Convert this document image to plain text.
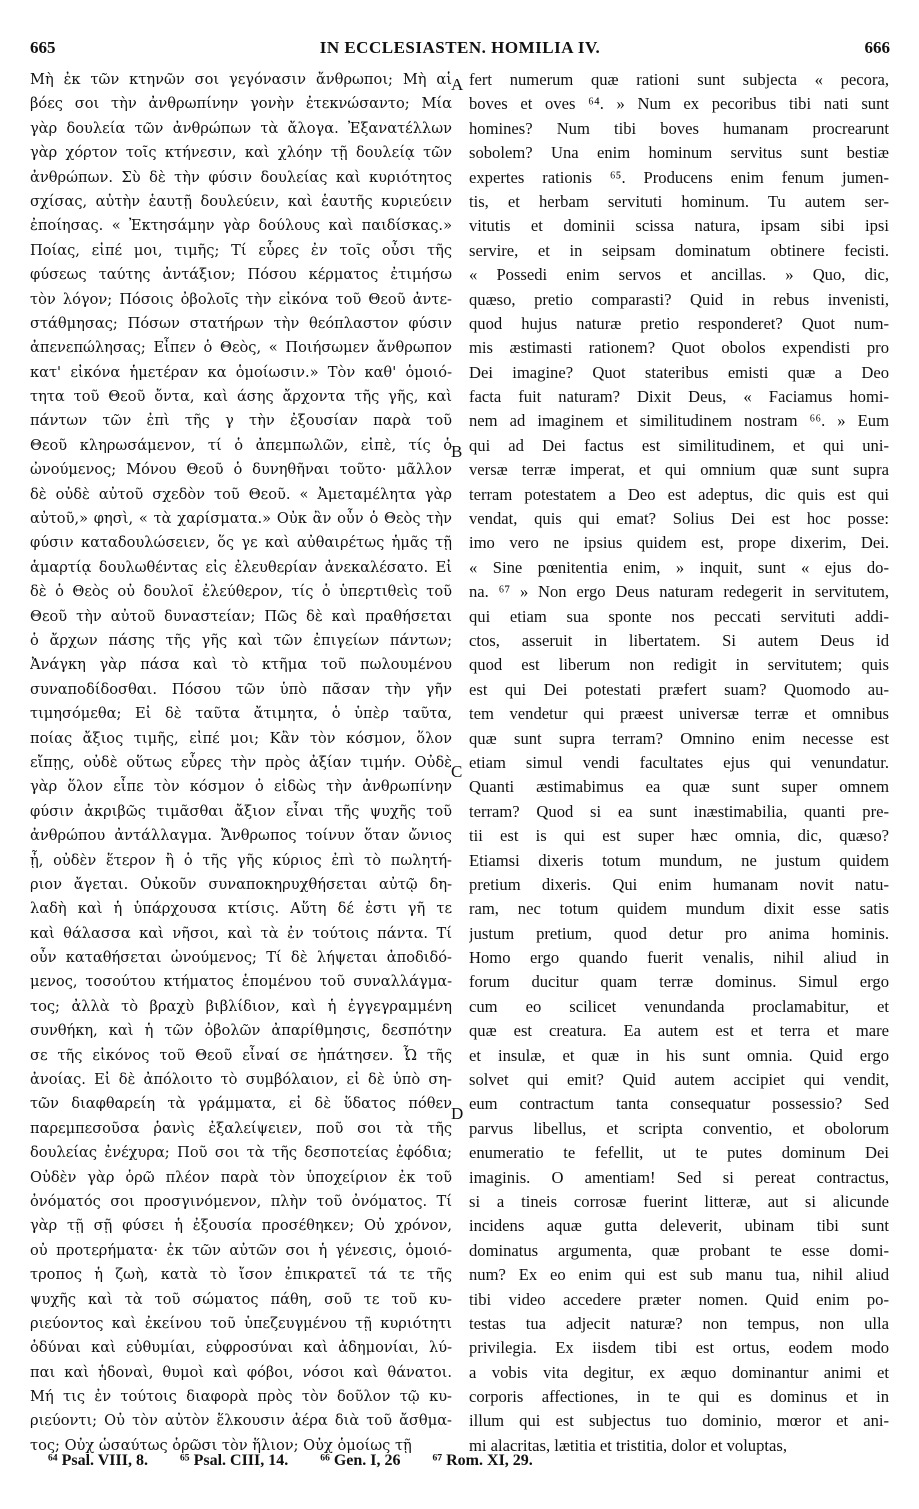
665	IN ECCLESIASTEN. HOMILIA IV.	666
Μὴ ἐκ τῶν κτηνῶν σοι γεγόνασιν ἄνθρωποι; Μὴ αἱ
βόες σοι τὴν ἀνθρωπίνην γονὴν ἐτεκνώσαντο; Μία
γὰρ δουλεία τῶν ἀνθρώπων τὰ ἄλογα. Ἐξανατέλλων
γὰρ χόρτον τοῖς κτήνεσιν, καὶ χλόην τῇ δουλείᾳ τῶν
ἀνθρώπων. Σὺ δὲ τὴν φύσιν δουλείας καὶ κυριότητος
σχίσας, αὐτὴν ἑαυτῇ δουλεύειν, καὶ ἑαυτῆς κυριεύειν
ἐποίησας. « Ἐκτησάμην γὰρ δούλους καὶ παιδίσκας.»
Ποίας, εἰπέ μοι, τιμῆς; Τί εὗρες ἐν τοῖς οὖσι τῆς
φύσεως ταύτης ἀντάξιον; Πόσου κέρματος ἐτιμήσω
τὸν λόγον; Πόσοις ὀβολοῖς τὴν εἰκόνα τοῦ Θεοῦ ἀντε-
στάθμησας; Πόσων στατήρων τὴν θεόπλαστον φύσιν
ἀπενεπώλησας; Εἶπεν ὁ Θεὸς, « Ποιήσωμεν ἄνθρωπον
κατ' εἰκόνα ἡμετέραν κα ὁμοίωσιν.» Τὸν καθ' ὁμοιό-
τητα τοῦ Θεοῦ ὄντα, καὶ άσης ἄρχοντα τῆς γῆς, καὶ
πάντων τῶν ἐπὶ τῆς γ τὴν ἐξουσίαν παρὰ τοῦ
Θεοῦ κληρωσάμενον, τί ὁ ἀπεμπωλῶν, εἰπὲ, τίς ὁ
ὠνούμενος; Μόνου Θεοῦ ὁ δυνηθῆναι τοῦτο· μᾶλλον
δὲ οὐδὲ αὐτοῦ σχεδὸν τοῦ Θεοῦ. « Ἀμεταμέλητα γὰρ
αὐτοῦ,» φησὶ, « τὰ χαρίσματα.» Οὐκ ἂν οὖν ὁ Θεὸς τὴν
φύσιν καταδουλώσειεν, ὅς γε καὶ αὐθαιρέτως ἡμᾶς τῇ
ἁμαρτίᾳ δουλωθέντας εἰς ἐλευθερίαν ἀνεκαλέσατο. Εἰ
δὲ ὁ Θεὸς οὐ δουλοῖ ἐλεύθερον, τίς ὁ ὑπερτιθεὶς τοῦ
Θεοῦ τὴν αὐτοῦ δυναστείαν; Πῶς δὲ καὶ πραθήσεται
ὁ ἄρχων πάσης τῆς γῆς καὶ τῶν ἐπιγείων πάντων;
Ἀνάγκη γὰρ πάσα καὶ τὸ κτῆμα τοῦ πωλουμένου
συναποδίδοσθαι. Πόσου τῶν ὑπὸ πᾶσαν τὴν γῆν
τιμησόμεθα; Εἰ δὲ ταῦτα ἄτιμητα, ὁ ὑπὲρ ταῦτα,
ποίας ἄξιος τιμῆς, εἰπέ μοι; Κἂν τὸν κόσμον, ὅλον
εἴπῃς, οὐδὲ οὕτως εὗρες τὴν πρὸς ἀξίαν τιμήν. Οὐδὲ
γὰρ ὅλον εἶπε τὸν κόσμον ὁ εἰδὼς τὴν ἀνθρωπίνην
φύσιν ἀκριβῶς τιμᾶσθαι ἄξιον εἶναι τῆς ψυχῆς τοῦ
ἀνθρώπου ἀντάλλαγμα. Ἄνθρωπος τοίνυν ὅταν ὤνιος
ᾖ, οὐδὲν ἕτερον ἢ ὁ τῆς γῆς κύριος ἐπὶ τὸ πωλητή-
ριον ἄγεται. Οὐκοῦν συναποκηρυχθήσεται αὐτῷ δη-
λαδὴ καὶ ἡ ὑπάρχουσα κτίσις. Αὕτη δέ ἐστι γῆ τε
καὶ θάλασσα καὶ νῆσοι, καὶ τὰ ἐν τούτοις πάντα. Τί
οὖν καταθήσεται ὠνούμενος; Τί δὲ λήψεται ἀποδιδό-
μενος, τοσούτου κτήματος ἑπομένου τοῦ συναλλάγμα-
τος; ἀλλὰ τὸ βραχὺ βιβλίδιον, καὶ ἡ ἐγγεγραμμένη
συνθήκη, καὶ ἡ τῶν ὀβολῶν ἀπαρίθμησις, δεσπότην
σε τῆς εἰκόνος τοῦ Θεοῦ εἶναί σε ἠπάτησεν. Ὦ τῆς
ἀνοίας. Εἰ δὲ ἀπόλοιτο τὸ συμβόλαιον, εἰ δὲ ὑπὸ ση-
τῶν διαφθαρείη τὰ γράμματα, εἰ δὲ ὕδατος πόθεν
παρεμπεσοῦσα ῥανὶς ἐξαλείψειεν, ποῦ σοι τὰ τῆς
δουλείας ἐνέχυρα; Ποῦ σοι τὰ τῆς δεσποτείας ἐφόδια;
Οὐδὲν γὰρ ὁρῶ πλέον παρὰ τὸν ὑποχείριον ἐκ τοῦ
ὀνόματός σοι προσγινόμενον, πλὴν τοῦ ὀνόματος. Τί
γὰρ τῇ σῇ φύσει ἡ ἐξουσία προσέθηκεν; Οὐ χρόνον,
οὐ προτερήματα· ἐκ τῶν αὐτῶν σοι ἡ γένεσις, ὁμοιό-
τροπος ἡ ζωὴ, κατὰ τὸ ἴσον ἐπικρατεῖ τά τε τῆς
ψυχῆς καὶ τὰ τοῦ σώματος πάθη, σοῦ τε τοῦ κυ-
ριεύοντος καὶ ἐκείνου τοῦ ὑπεζευγμένου τῇ κυριότητι
ὀδύναι καὶ εὐθυμίαι, εὐφροσύναι καὶ ἀδημονίαι, λύ-
παι καὶ ἡδοναὶ, θυμοὶ καὶ φόβοι, νόσοι καὶ θάνατοι.
Μή τις ἐν τούτοις διαφορὰ πρὸς τὸν δοῦλον τῷ κυ-
ριεύοντι; Οὐ τὸν αὐτὸν ἕλκουσιν ἀέρα διὰ τοῦ ἄσθμα-
τος; Οὐχ ὡσαύτως ὁρῶσι τὸν ἥλιον; Οὐχ ὁμοίως τῇ
fert numerum quæ rationi sunt subjecta « pecora,
boves et oves ⁶⁴. » Num ex pecoribus tibi nati sunt
homines? Num tibi boves humanam procrearunt
sobolem? Una enim hominum servitus sunt bestiæ
expertes rationis ⁶⁵. Producens enim fenum jumen-
tis, et herbam servituti hominum. Tu autem ser-
vitutis et dominii scissa natura, ipsam sibi ipsi
servire, et in seipsam dominatum obtinere fecisti.
« Possedi enim servos et ancillas. » Quo, dic,
quæso, pretio comparasti? Quid in rebus invenisti,
quod hujus naturæ pretio responderet? Quot num-
mis æstimasti rationem? Quot obolos expendisti pro
Dei imagine? Quot stateribus emisti quæ a Deo
facta fuit naturam? Dixit Deus, « Faciamus homi-
nem ad imaginem et similitudinem nostram ⁶⁶. » Eum
qui ad Dei factus est similitudinem, et qui uni-
versæ terræ imperat, et qui omnium quæ sunt supra
terram potestatem a Deo est adeptus, dic quis est qui
vendat, quis qui emat? Solius Dei est hoc posse:
imo vero ne ipsius quidem est, prope dixerim, Dei.
« Sine pœnitentia enim, » inquit, sunt « ejus do-
na. ⁶⁷ » Non ergo Deus naturam redegerit in servitutem,
qui etiam sua sponte nos peccati servituti addi-
ctos, asseruit in libertatem. Si autem Deus id
quod est liberum non redigit in servitutem; quis
est qui Dei potestati præfert suam? Quomodo au-
tem vendetur qui præest universæ terræ et omnibus
quæ sunt supra terram? Omnino enim necesse est
etiam simul vendi facultates ejus qui venundatur.
Quanti æstimabimus ea quæ sunt super omnem
terram? Quod si ea sunt inæstimabilia, quanti pre-
tii est is qui est super hæc omnia, dic, quæso?
Etiamsi dixeris totum mundum, ne justum quidem
pretium dixeris. Qui enim humanam novit natu-
ram, nec totum quidem mundum dixit esse satis
justum pretium, quod detur pro anima hominis.
Homo ergo quando fuerit venalis, nihil aliud in
forum ducitur quam terræ dominus. Simul ergo
cum eo scilicet venundanda proclamabitur, et
quæ est creatura. Ea autem est et terra et mare
et insulæ, et quæ in his sunt omnia. Quid ergo
solvet qui emit? Quid autem accipiet qui vendit,
eum contractum tanta consequatur possessio? Sed
parvus libellus, et scripta conventio, et obolorum
enumeratio te fefellit, ut te putes dominum Dei
imaginis. O amentiam! Sed si pereat contractus,
si a tineis corrosæ fuerint litteræ, aut si alicunde
incidens aquæ gutta deleverit, ubinam tibi sunt
dominatus argumenta, quæ probant te esse domi-
num? Ex eo enim qui est sub manu tua, nihil aliud
tibi video accedere præter nomen. Quid enim po-
testas tua adjecit naturæ? non tempus, non ulla
privilegia. Ex iisdem tibi est ortus, eodem modo
a vobis vita degitur, ex æquo dominantur animi et
corporis affectiones, in te qui es dominus et in
illum qui est subjectus tuo dominio, mœror et ani-
mi alacritas, lætitia et tristitia, dolor et voluptas,
A
B
C
D
⁶⁴ Psal. VIII, 8. ⁶⁵ Psal. CIII, 14. ⁶⁶ Gen. I, 26 ⁶⁷ Rom. XI, 29.
